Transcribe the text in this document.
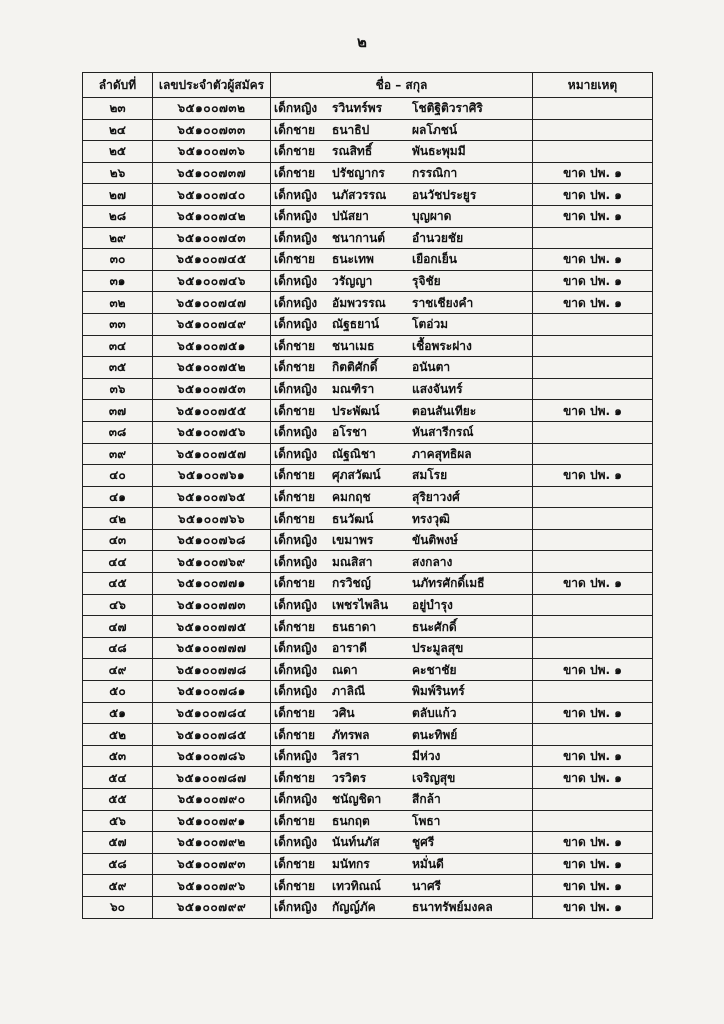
๒
ลำดับที่	เลขประจำตัวผู้สมัคร	ชื่อ – สกุล	หมายเหตุ
๒๓	๖๕๑๐๐๗๓๒	เด็กหญิง รวินทร์พร โชติฐิติวราศิริ	
๒๔	๖๕๑๐๐๗๓๓	เด็กชาย ธนาธิป ผลโภชน์	
๒๕	๖๕๑๐๐๗๓๖	เด็กชาย รณสิทธิ์ พันธะพุมมี	
๒๖	๖๕๑๐๐๗๓๗	เด็กชาย ปรัชญากร กรรณิกา	ขาด ปพ. ๑
๒๗	๖๕๑๐๐๗๔๐	เด็กหญิง นภัสวรรณ อนวัชประยูร	ขาด ปพ. ๑
๒๘	๖๕๑๐๐๗๔๒	เด็กหญิง ปนัสยา บุญผาด	ขาด ปพ. ๑
๒๙	๖๕๑๐๐๗๔๓	เด็กหญิง ชนากานต์ อำนวยชัย	
๓๐	๖๕๑๐๐๗๔๕	เด็กชาย ธนะเทพ เยือกเย็น	ขาด ปพ. ๑
๓๑	๖๕๑๐๐๗๔๖	เด็กหญิง วรัญญา รุจิชัย	ขาด ปพ. ๑
๓๒	๖๕๑๐๐๗๔๗	เด็กหญิง อัมพวรรณ ราชเชียงคำ	ขาด ปพ. ๑
๓๓	๖๕๑๐๐๗๔๙	เด็กหญิง ณัฐธยาน์ โตอ่วม	
๓๔	๖๕๑๐๐๗๕๑	เด็กชาย ชนาเมธ เชื้อพระฝาง	
๓๕	๖๕๑๐๐๗๕๒	เด็กชาย กิตติศักดิ์ อนันตา	
๓๖	๖๕๑๐๐๗๕๓	เด็กหญิง มณฑิรา แสงจันทร์	
๓๗	๖๕๑๐๐๗๕๕	เด็กชาย ประพัฒน์ ตอนสันเทียะ	ขาด ปพ. ๑
๓๘	๖๕๑๐๐๗๕๖	เด็กหญิง อโรชา หันสารีกรณ์	
๓๙	๖๕๑๐๐๗๕๗	เด็กหญิง ณัฐณิชา ภาคสุทธิผล	
๔๐	๖๕๑๐๐๗๖๑	เด็กชาย ศุภสวัฒน์ สมโรย	ขาด ปพ. ๑
๔๑	๖๕๑๐๐๗๖๕	เด็กชาย คมกฤช สุริยาวงศ์	
๔๒	๖๕๑๐๐๗๖๖	เด็กชาย ธนวัฒน์ ทรงวุฒิ	
๔๓	๖๕๑๐๐๗๖๘	เด็กหญิง เขมาพร ขันติพงษ์	
๔๔	๖๕๑๐๐๗๖๙	เด็กหญิง มณสิสา สงกลาง	
๔๕	๖๕๑๐๐๗๗๑	เด็กชาย กรวิชญ์ นภัทรศักดิ์เมธี	ขาด ปพ. ๑
๔๖	๖๕๑๐๐๗๗๓	เด็กหญิง เพชรไพลิน อยู่บำรุง	
๔๗	๖๕๑๐๐๗๗๕	เด็กชาย ธนธาดา ธนะศักดิ์	
๔๘	๖๕๑๐๐๗๗๗	เด็กหญิง อาราดี ประมูลสุข	
๔๙	๖๕๑๐๐๗๗๘	เด็กหญิง ณดา คะชาชัย	ขาด ปพ. ๑
๕๐	๖๕๑๐๐๗๘๑	เด็กหญิง ภาลิณี พิมพ์รินทร์	
๕๑	๖๕๑๐๐๗๘๔	เด็กชาย วศิน ตลับแก้ว	ขาด ปพ. ๑
๕๒	๖๕๑๐๐๗๘๕	เด็กชาย ภัทรพล ตนะทิพย์	
๕๓	๖๕๑๐๐๗๘๖	เด็กหญิง วิสรา มีห่วง	ขาด ปพ. ๑
๕๔	๖๕๑๐๐๗๘๗	เด็กชาย วรวิตร เจริญสุข	ขาด ปพ. ๑
๕๕	๖๕๑๐๐๗๙๐	เด็กหญิง ชนัญชิดา สีกล้า	
๕๖	๖๕๑๐๐๗๙๑	เด็กชาย ธนกฤต โพธา	
๕๗	๖๕๑๐๐๗๙๒	เด็กหญิง นันท์นภัส ชูศรี	ขาด ปพ. ๑
๕๘	๖๕๑๐๐๗๙๓	เด็กชาย มนัทกร หมั่นดี	ขาด ปพ. ๑
๕๙	๖๕๑๐๐๗๙๖	เด็กชาย เทวทิณณ์ นาศรี	ขาด ปพ. ๑
๖๐	๖๕๑๐๐๗๙๙	เด็กหญิง กัญญ์ภัค ธนาทรัพย์มงคล	ขาด ปพ. ๑
